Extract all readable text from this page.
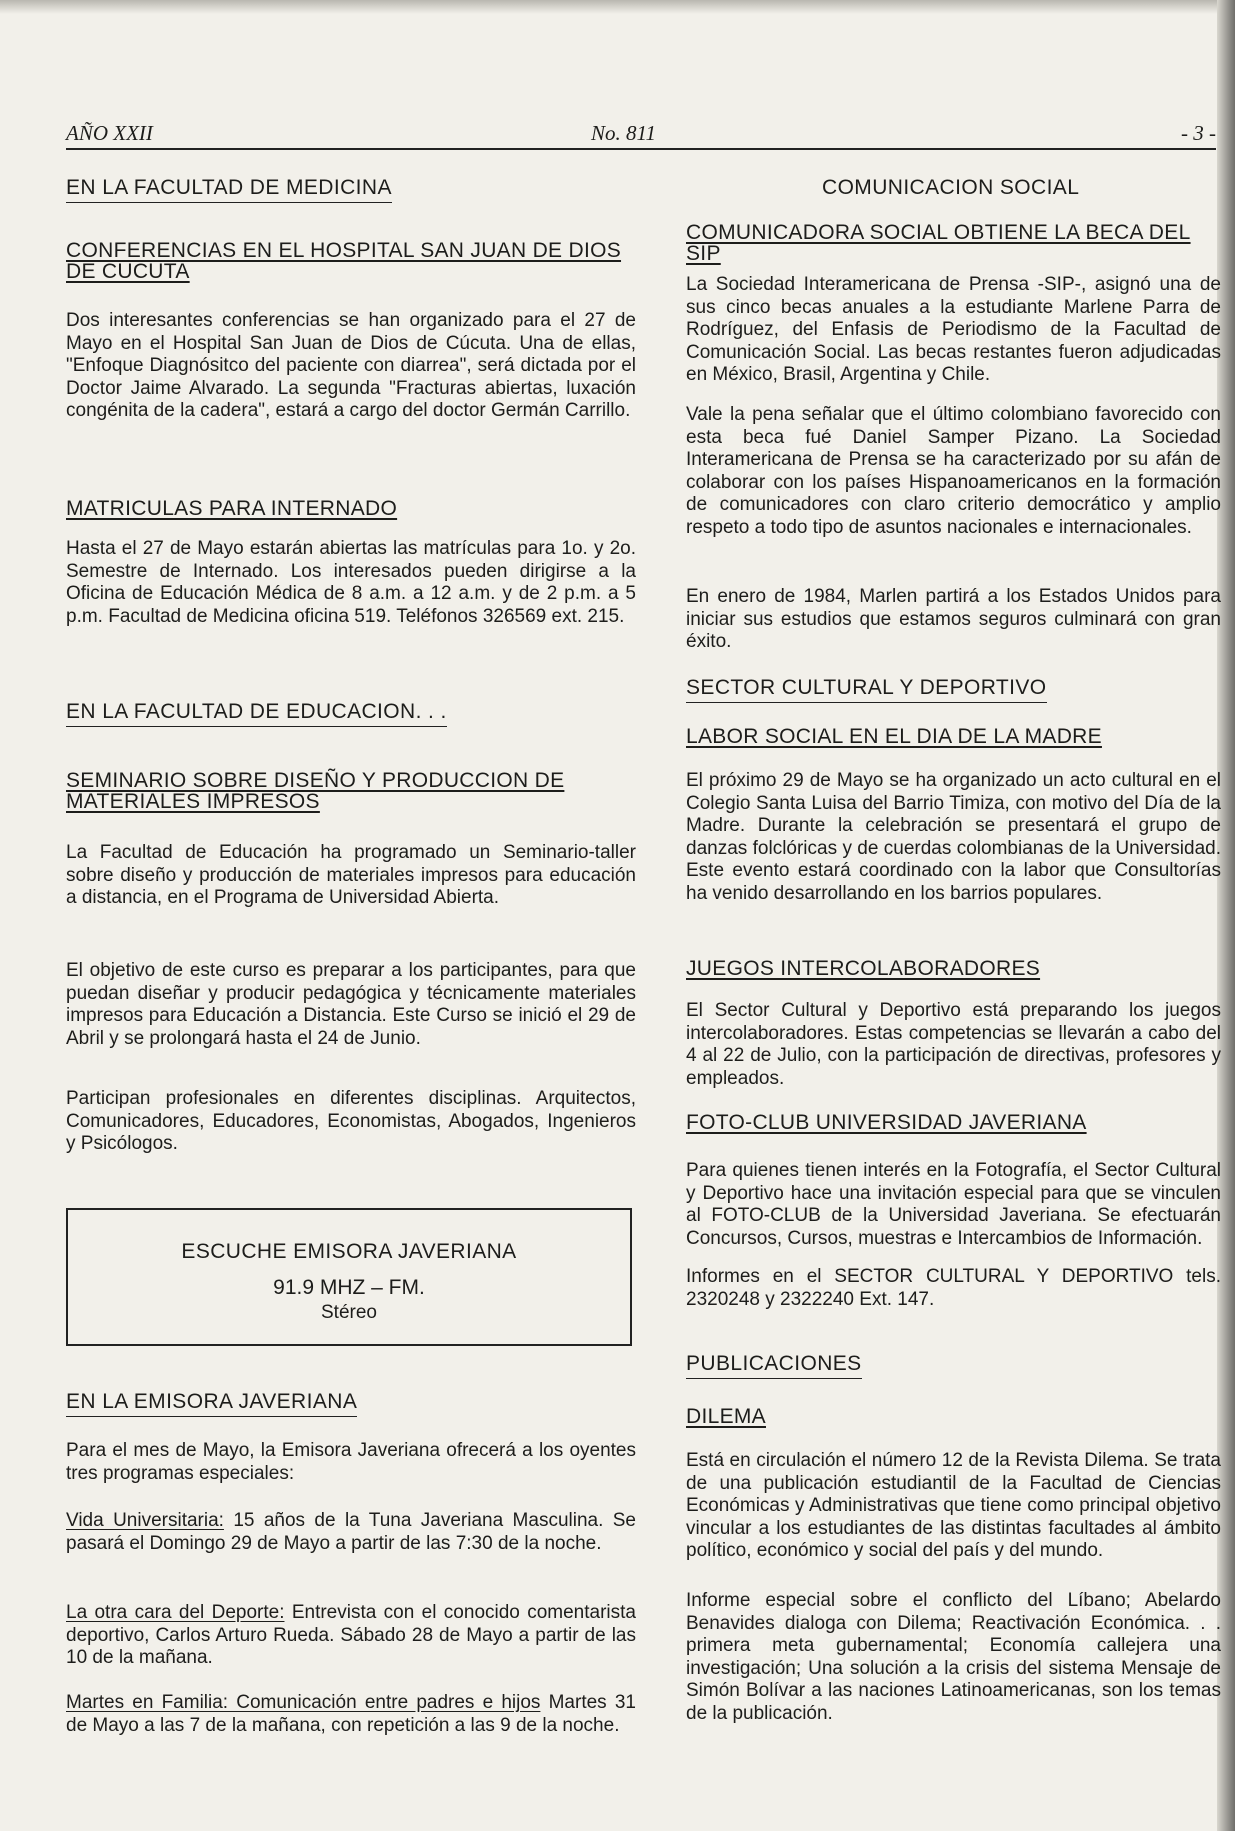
AÑO XXII	No. 811	- 3 -
EN LA FACULTAD DE MEDICINA
CONFERENCIAS EN EL HOSPITAL SAN JUAN DE DIOS DE CUCUTA

Dos interesantes conferencias se han organizado para el 27 de Mayo en el Hospital San Juan de Dios de Cúcuta. Una de ellas, "Enfoque Diagnósitco del paciente con diarrea", será dictada por el Doctor Jaime Alvarado. La segunda "Fracturas abiertas, luxación congénita de la cadera", estará a cargo del doctor Germán Carrillo.

MATRICULAS PARA INTERNADO

Hasta el 27 de Mayo estarán abiertas las matrículas para 1o. y 2o. Semestre de Internado. Los interesados pueden dirigirse a la Oficina de Educación Médica de 8 a.m. a 12 a.m. y de 2 p.m. a 5 p.m. Facultad de Medicina oficina 519. Teléfonos 326569 ext. 215.

EN LA FACULTAD DE EDUCACION. . .
SEMINARIO SOBRE DISEÑO Y PRODUCCION DE MATERIALES IMPRESOS

La Facultad de Educación ha programado un Seminario-taller sobre diseño y producción de materiales impresos para educación a distancia, en el Programa de Universidad Abierta.

El objetivo de este curso es preparar a los participantes, para que puedan diseñar y producir pedagógica y técnicamente materiales impresos para Educación a Distancia. Este Curso se inició el 29 de Abril y se prolongará hasta el 24 de Junio.

Participan profesionales en diferentes disciplinas. Arquitectos, Comunicadores, Educadores, Economistas, Abogados, Ingenieros y Psicólogos.

ESCUCHE EMISORA JAVERIANA
91.9 MHZ – FM.
Stéreo
EN LA EMISORA JAVERIANA

Para el mes de Mayo, la Emisora Javeriana ofrecerá a los oyentes tres programas especiales:

Vida Universitaria: 15 años de la Tuna Javeriana Masculina. Se pasará el Domingo 29 de Mayo a partir de las 7:30 de la noche.

La otra cara del Deporte: Entrevista con el conocido comentarista deportivo, Carlos Arturo Rueda. Sábado 28 de Mayo a partir de las 10 de la mañana.

Martes en Familia: Comunicación entre padres e hijos Martes 31 de Mayo a las 7 de la mañana, con repetición a las 9 de la noche.

COMUNICACION SOCIAL
COMUNICADORA SOCIAL OBTIENE LA BECA DEL SIP

La Sociedad Interamericana de Prensa -SIP-, asignó una de sus cinco becas anuales a la estudiante Marlene Parra de Rodríguez, del Enfasis de Periodismo de la Facultad de Comunicación Social. Las becas restantes fueron adjudicadas en México, Brasil, Argentina y Chile.

Vale la pena señalar que el último colombiano favorecido con esta beca fué Daniel Samper Pizano. La Sociedad Interamericana de Prensa se ha caracterizado por su afán de colaborar con los países Hispanoamericanos en la formación de comunicadores con claro criterio democrático y amplio respeto a todo tipo de asuntos nacionales e internacionales.

En enero de 1984, Marlen partirá a los Estados Unidos para iniciar sus estudios que estamos seguros culminará con gran éxito.

SECTOR CULTURAL Y DEPORTIVO
LABOR SOCIAL EN EL DIA DE LA MADRE

El próximo 29 de Mayo se ha organizado un acto cultural en el Colegio Santa Luisa del Barrio Timiza, con motivo del Día de la Madre. Durante la celebración se presentará el grupo de danzas folclóricas y de cuerdas colombianas de la Universidad. Este evento estará coordinado con la labor que Consultorías ha venido desarrollando en los barrios populares.

JUEGOS INTERCOLABORADORES

El Sector Cultural y Deportivo está preparando los juegos intercolaboradores. Estas competencias se llevarán a cabo del 4 al 22 de Julio, con la participación de directivas, profesores y empleados.

FOTO-CLUB UNIVERSIDAD JAVERIANA

Para quienes tienen interés en la Fotografía, el Sector Cultural y Deportivo hace una invitación especial para que se vinculen al FOTO-CLUB de la Universidad Javeriana. Se efectuarán Concursos, Cursos, muestras e Intercambios de Información.

Informes en el SECTOR CULTURAL Y DEPORTIVO tels. 2320248 y 2322240 Ext. 147.

PUBLICACIONES
DILEMA

Está en circulación el número 12 de la Revista Dilema. Se trata de una publicación estudiantil de la Facultad de Ciencias Económicas y Administrativas que tiene como principal objetivo vincular a los estudiantes de las distintas facultades al ámbito político, económico y social del país y del mundo.

Informe especial sobre el conflicto del Líbano; Abelardo Benavides dialoga con Dilema; Reactivación Económica. . . primera meta gubernamental; Economía callejera una investigación; Una solución a la crisis del sistema Mensaje de Simón Bolívar a las naciones Latinoamericanas, son los temas de la publicación.
